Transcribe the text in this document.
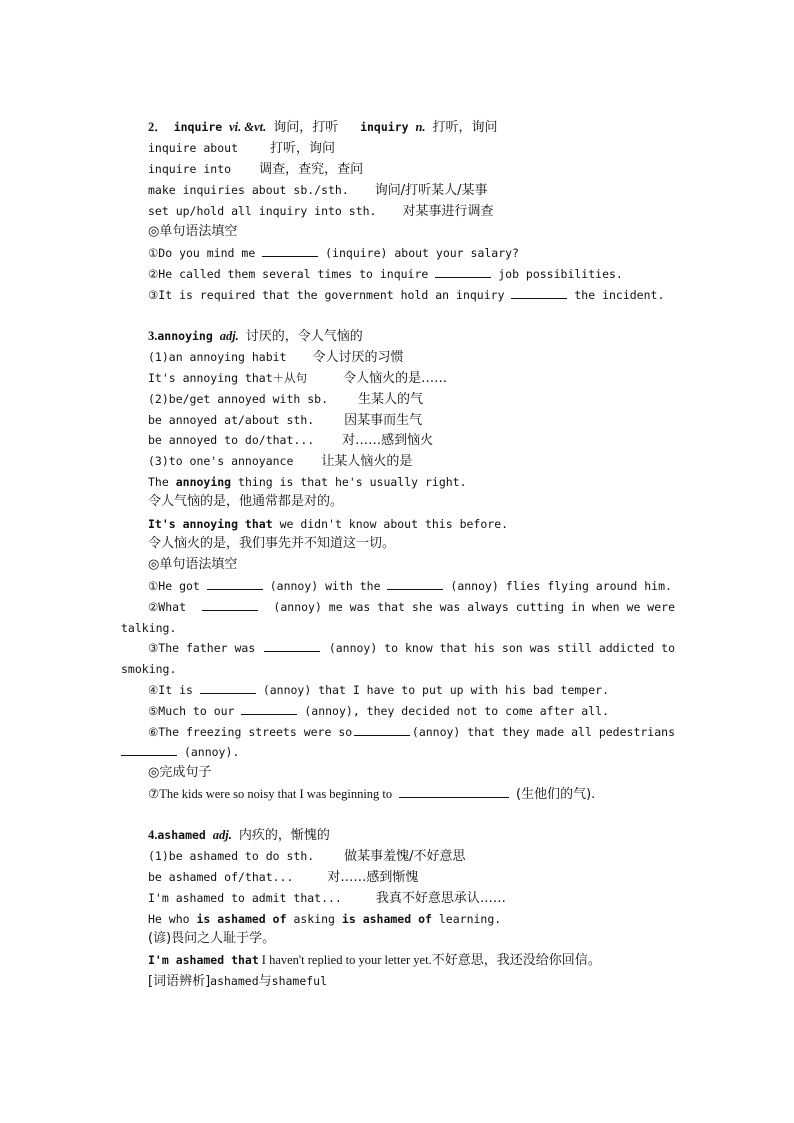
2． inquire vi. &vt. 询问，打听 inquiry n. 打听，询问
inquire about 打听，询问
inquire into 调查，查究，查问
make inquiries about sb./sth. 询问/打听某人/某事
set up/hold all inquiry into sth. 对某事进行调查
◎单句语法填空
①Do you mind me	(inquire) about your salary?
②He called them several times to inquire	job possibilities.
③It is required that the government hold an inquiry	the incident.
3.annoying adj. 讨厌的，令人气恼的
(1)an annoying habit 令人讨厌的习惯
It's annoying that＋从句	令人恼火的是……
(2)be/get annoyed with sb. 生某人的气
be annoyed at/about sth. 因某事而生气
be annoyed to do/that... 对……感到恼火
(3)to one's annoyance 让某人恼火的是
The annoying thing is that he's usually right.
令人气恼的是，他通常都是对的。
It's annoying that we didn't know about this before.
令人恼火的是，我们事先并不知道这一切。
◎单句语法填空
①He got	(annoy) with the	(annoy) flies flying around him.
②What	(annoy) me was that she was always cutting in when we were
talking.
③The father was	(annoy) to know that his son was still addicted to
smoking.
④It is	(annoy) that I have to put up with his bad temper.
⑤Much to our	(annoy), they decided not to come after all.
⑥The freezing streets were so	(annoy) that they made all pedestrians
(annoy).
◎完成句子
⑦The kids were so noisy that I was beginning to	(生他们的气).
4.ashamed adj. 内疚的，惭愧的
(1)be ashamed to do sth. 做某事羞愧/不好意思
be ashamed of/that...	对……感到惭愧
I'm ashamed to admit that...	我真不好意思承认……
He who is ashamed of asking is ashamed of learning.
(谚)畏问之人耻于学。
I'm ashamed that I haven't replied to your letter yet.不好意思，我还没给你回信。
[词语辨析]ashamed与shameful
